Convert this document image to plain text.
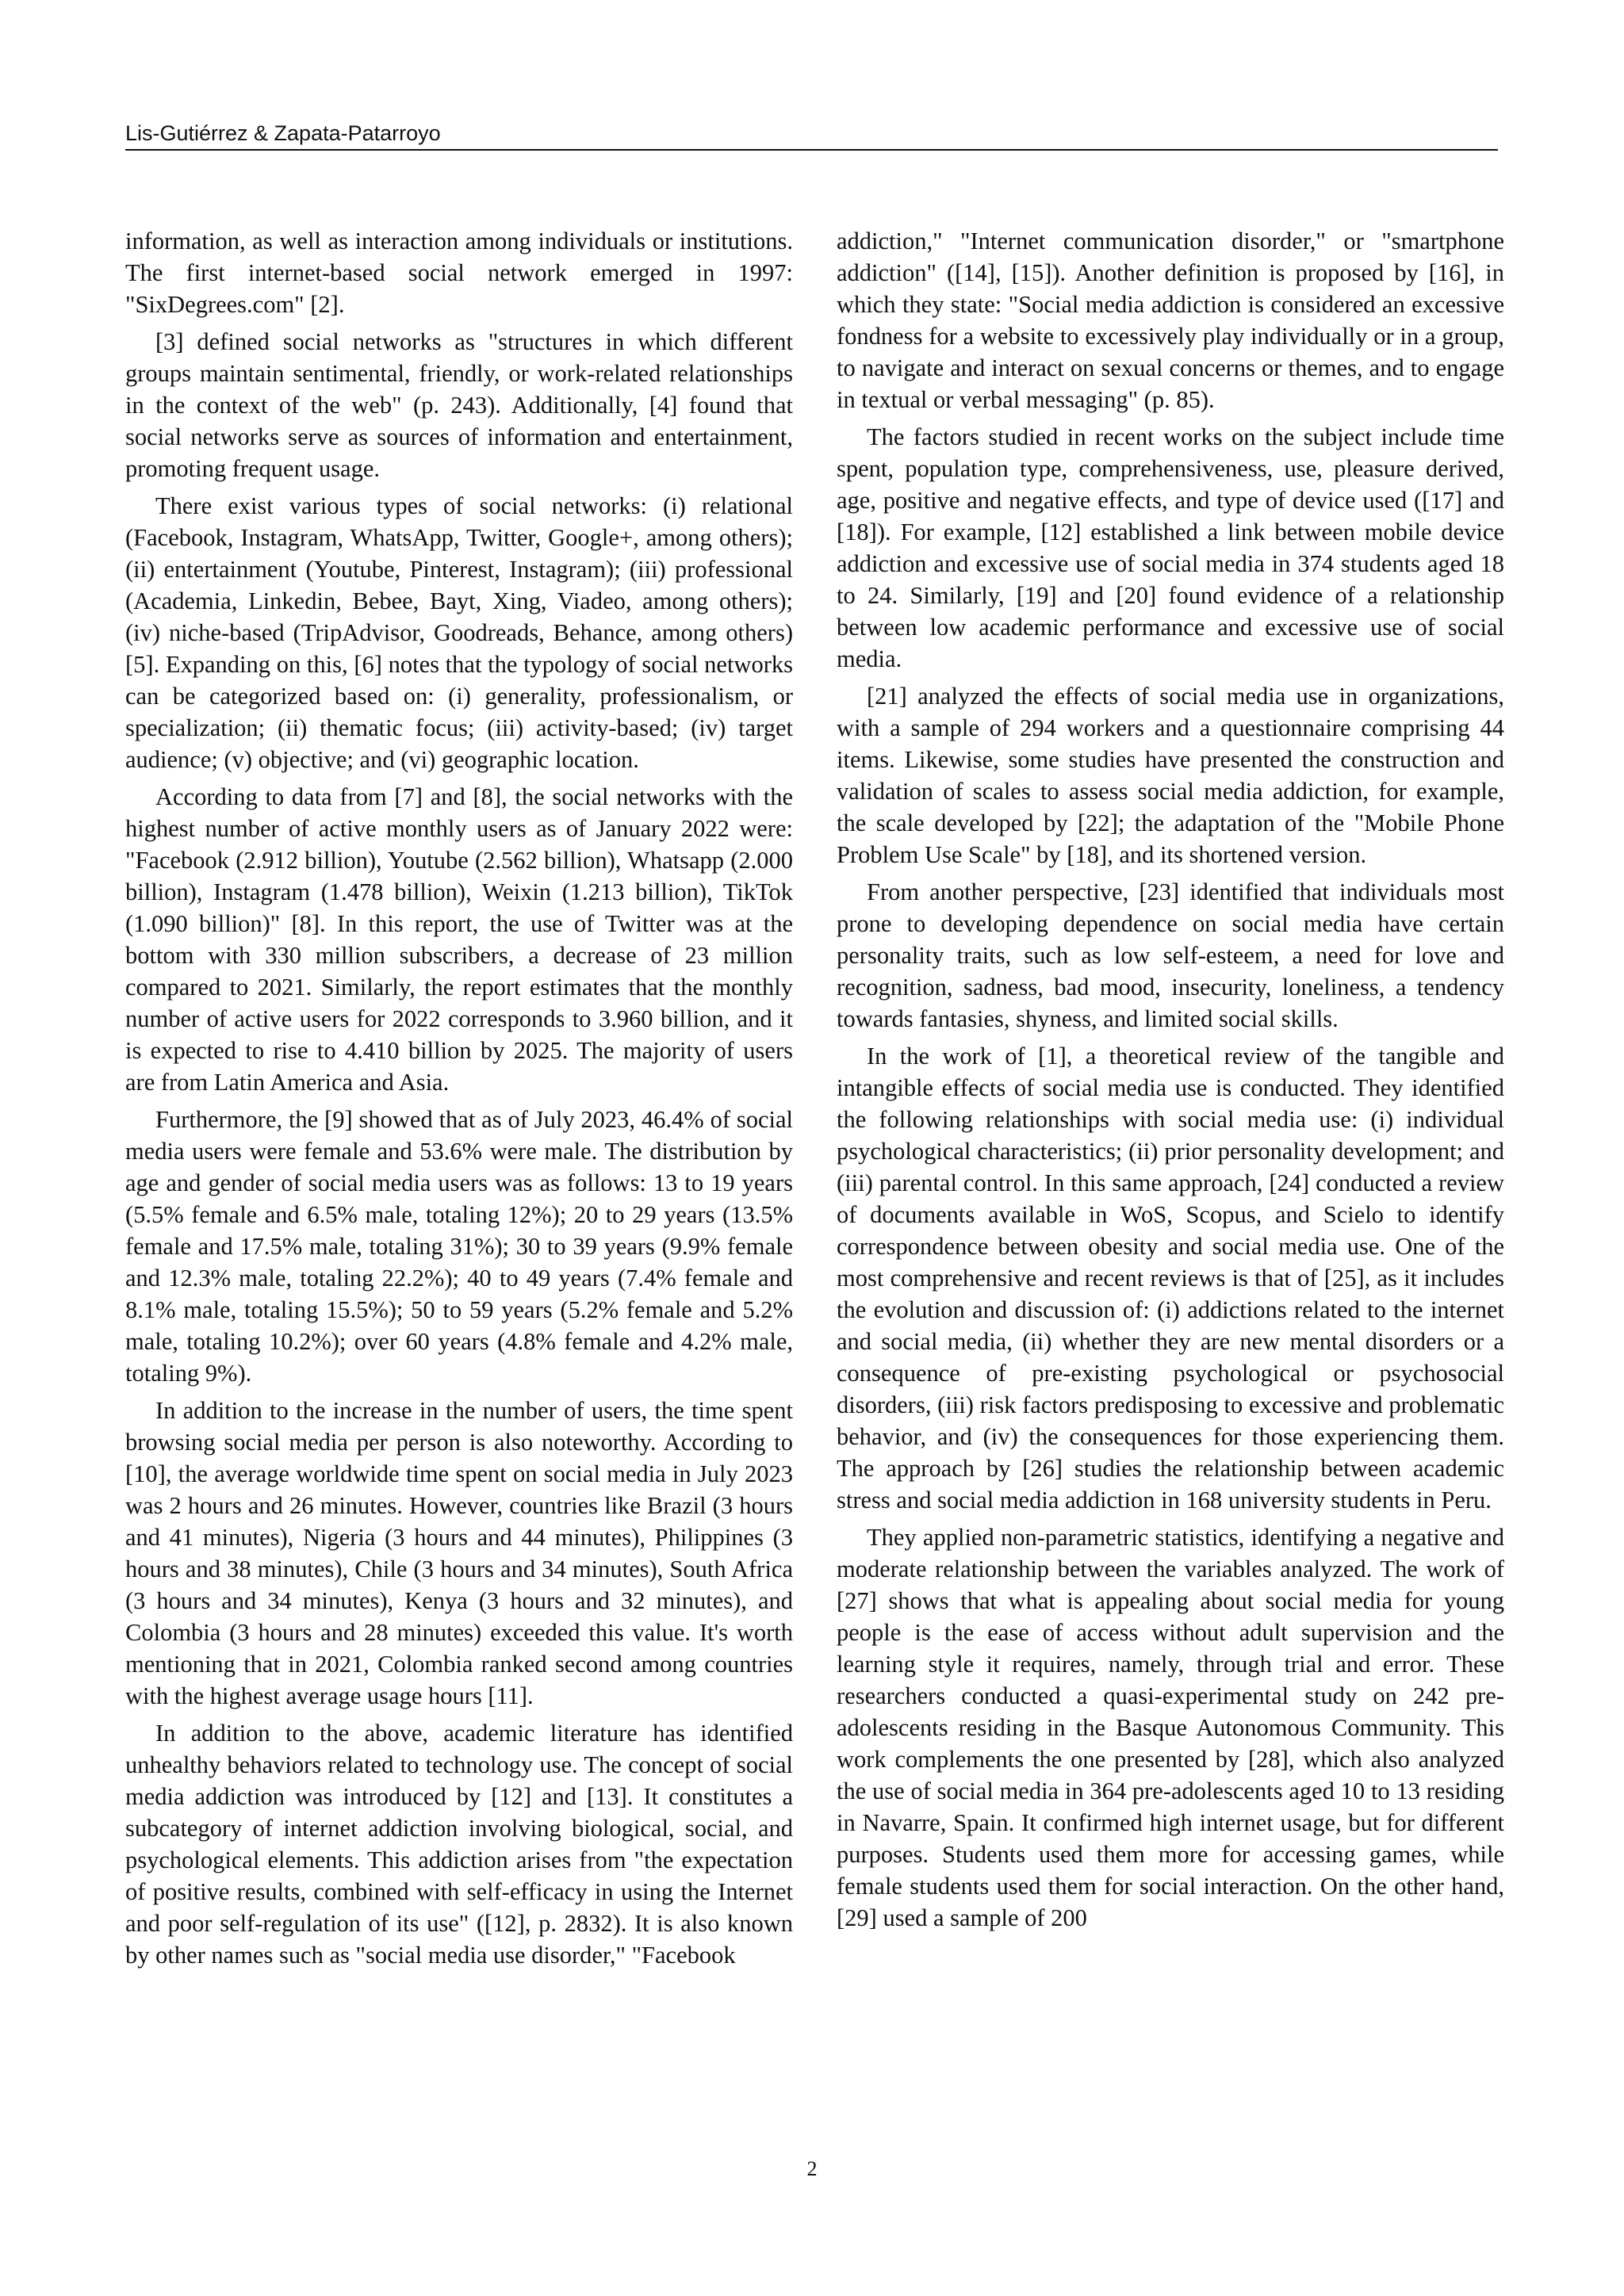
Lis-Gutiérrez & Zapata-Patarroyo

information, as well as interaction among individuals or institutions. The first internet-based social network emerged in 1997: "SixDegrees.com" [2].

[3] defined social networks as "structures in which different groups maintain sentimental, friendly, or work-related relationships in the context of the web" (p. 243). Additionally, [4] found that social networks serve as sources of information and entertainment, promoting frequent usage.

There exist various types of social networks: (i) relational (Facebook, Instagram, WhatsApp, Twitter, Google+, among others); (ii) entertainment (Youtube, Pinterest, Instagram); (iii) professional (Academia, Linkedin, Bebee, Bayt, Xing, Viadeo, among others); (iv) niche-based (TripAdvisor, Goodreads, Behance, among others) [5]. Expanding on this, [6] notes that the typology of social networks can be categorized based on: (i) generality, professionalism, or specialization; (ii) thematic focus; (iii) activity-based; (iv) target audience; (v) objective; and (vi) geographic location.

According to data from [7] and [8], the social networks with the highest number of active monthly users as of January 2022 were: "Facebook (2.912 billion), Youtube (2.562 billion), Whatsapp (2.000 billion), Instagram (1.478 billion), Weixin (1.213 billion), TikTok (1.090 billion)" [8]. In this report, the use of Twitter was at the bottom with 330 million subscribers, a decrease of 23 million compared to 2021. Similarly, the report estimates that the monthly number of active users for 2022 corresponds to 3.960 billion, and it is expected to rise to 4.410 billion by 2025. The majority of users are from Latin America and Asia.

Furthermore, the [9] showed that as of July 2023, 46.4% of social media users were female and 53.6% were male. The distribution by age and gender of social media users was as follows: 13 to 19 years (5.5% female and 6.5% male, totaling 12%); 20 to 29 years (13.5% female and 17.5% male, totaling 31%); 30 to 39 years (9.9% female and 12.3% male, totaling 22.2%); 40 to 49 years (7.4% female and 8.1% male, totaling 15.5%); 50 to 59 years (5.2% female and 5.2% male, totaling 10.2%); over 60 years (4.8% female and 4.2% male, totaling 9%).

In addition to the increase in the number of users, the time spent browsing social media per person is also noteworthy. According to [10], the average worldwide time spent on social media in July 2023 was 2 hours and 26 minutes. However, countries like Brazil (3 hours and 41 minutes), Nigeria (3 hours and 44 minutes), Philippines (3 hours and 38 minutes), Chile (3 hours and 34 minutes), South Africa (3 hours and 34 minutes), Kenya (3 hours and 32 minutes), and Colombia (3 hours and 28 minutes) exceeded this value. It's worth mentioning that in 2021, Colombia ranked second among countries with the highest average usage hours [11].

In addition to the above, academic literature has identified unhealthy behaviors related to technology use. The concept of social media addiction was introduced by [12] and [13]. It constitutes a subcategory of internet addiction involving biological, social, and psychological elements. This addiction arises from "the expectation of positive results, combined with self-efficacy in using the Internet and poor self-regulation of its use" ([12], p. 2832). It is also known by other names such as "social media use disorder," "Facebook

addiction," "Internet communication disorder," or "smartphone addiction" ([14], [15]). Another definition is proposed by [16], in which they state: "Social media addiction is considered an excessive fondness for a website to excessively play individually or in a group, to navigate and interact on sexual concerns or themes, and to engage in textual or verbal messaging" (p. 85).

The factors studied in recent works on the subject include time spent, population type, comprehensiveness, use, pleasure derived, age, positive and negative effects, and type of device used ([17] and [18]). For example, [12] established a link between mobile device addiction and excessive use of social media in 374 students aged 18 to 24. Similarly, [19] and [20] found evidence of a relationship between low academic performance and excessive use of social media.

[21] analyzed the effects of social media use in organizations, with a sample of 294 workers and a questionnaire comprising 44 items. Likewise, some studies have presented the construction and validation of scales to assess social media addiction, for example, the scale developed by [22]; the adaptation of the "Mobile Phone Problem Use Scale" by [18], and its shortened version.

From another perspective, [23] identified that individuals most prone to developing dependence on social media have certain personality traits, such as low self-esteem, a need for love and recognition, sadness, bad mood, insecurity, loneliness, a tendency towards fantasies, shyness, and limited social skills.

In the work of [1], a theoretical review of the tangible and intangible effects of social media use is conducted. They identified the following relationships with social media use: (i) individual psychological characteristics; (ii) prior personality development; and (iii) parental control. In this same approach, [24] conducted a review of documents available in WoS, Scopus, and Scielo to identify correspondence between obesity and social media use. One of the most comprehensive and recent reviews is that of [25], as it includes the evolution and discussion of: (i) addictions related to the internet and social media, (ii) whether they are new mental disorders or a consequence of pre-existing psychological or psychosocial disorders, (iii) risk factors predisposing to excessive and problematic behavior, and (iv) the consequences for those experiencing them. The approach by [26] studies the relationship between academic stress and social media addiction in 168 university students in Peru.

They applied non-parametric statistics, identifying a negative and moderate relationship between the variables analyzed. The work of [27] shows that what is appealing about social media for young people is the ease of access without adult supervision and the learning style it requires, namely, through trial and error. These researchers conducted a quasi-experimental study on 242 pre-adolescents residing in the Basque Autonomous Community. This work complements the one presented by [28], which also analyzed the use of social media in 364 pre-adolescents aged 10 to 13 residing in Navarre, Spain. It confirmed high internet usage, but for different purposes. Students used them more for accessing games, while female students used them for social interaction. On the other hand, [29] used a sample of 200

2
